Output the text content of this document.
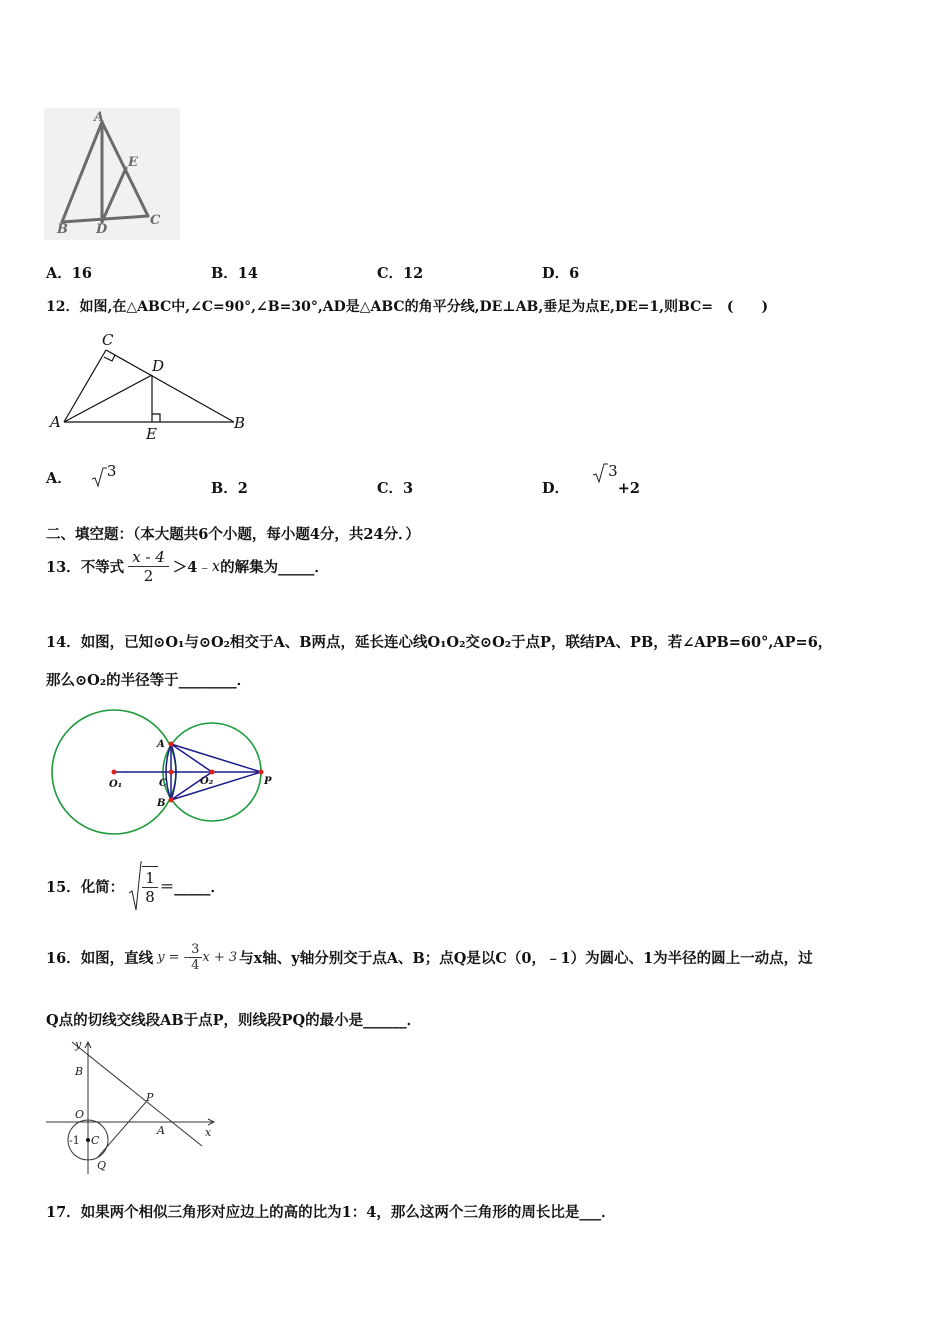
A
E
B D
C
A．16	B．14	C．12	D．6
12．如图,在△ABC中,∠C=90°,∠B=30°,AD是△ABC的角平分线,DE⊥AB,垂足为点E,DE=1,则BC=　(　　)
C
D
A
E
B
A． 3
B．2	C．3	D． 3+2
二、填空题：（本大题共6个小题，每小题4分，共24分．）
13． 不等式 $\frac{x - 4}{2} >4$ ﹣ x 的解集为_____．
14．如图，已知⊙O₁与⊙O₂相交于A、B两点，延长连心线O₁O₂交⊙O₂于点P，联结PA、PB，若∠APB=60°,AP=6，
那么⊙O₂的半径等于________．
A
O₁	C	O₂	P
B
15． 化简： $\frac{1}{8}$ ＝_____．
16． 如图，直线 y = - $\frac{3}{4}$ x + 3 与x轴、y轴分别交于点A、B；点Q是以C（0，﹣1）为圆心、1为半径的圆上一动点，过
Q点的切线交线段AB于点P，则线段PQ的最小是______．
y
B
O
P
A	x
-1 C
Q
17．如果两个相似三角形对应边上的高的比为1：4，那么这两个三角形的周长比是___．
